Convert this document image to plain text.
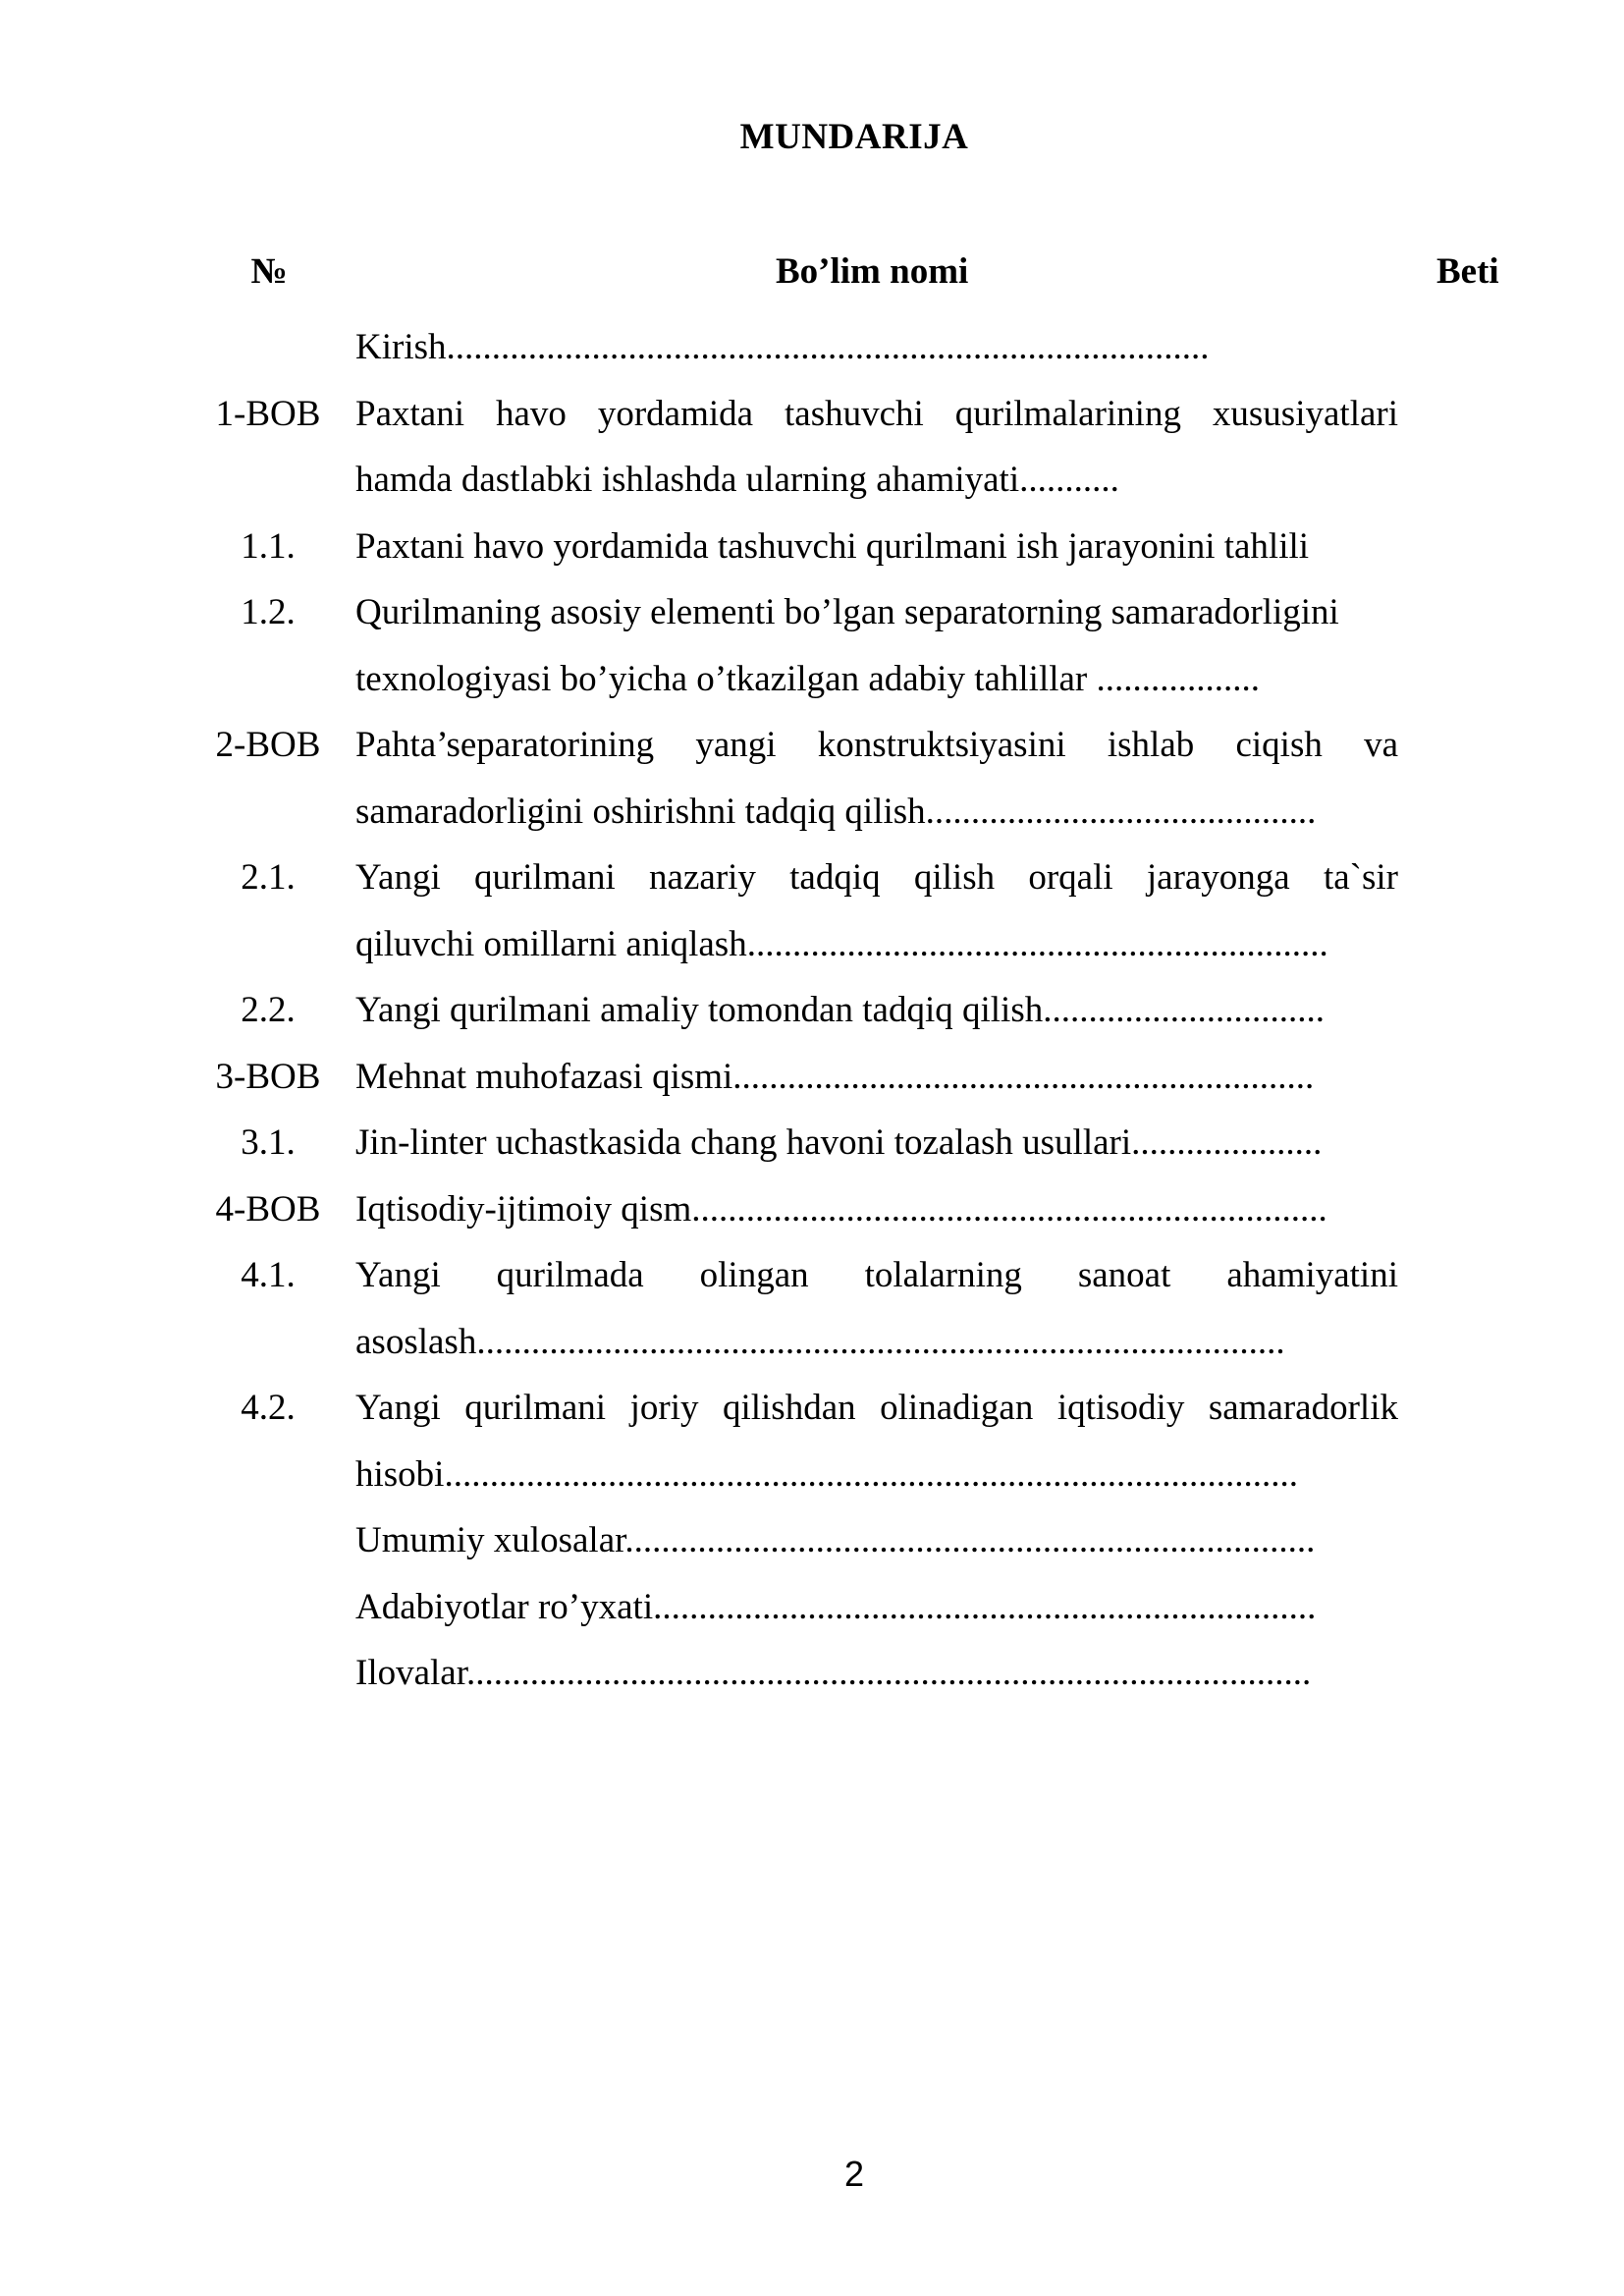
MUNDARIJA
№	Bo’lim nomi	Beti

Kirish....................................................................................

1-BOB Paxtani havo yordamida tashuvchi qurilmalarining xususiyatlari

hamda dastlabki ishlashda ularning ahamiyati...........

1.1.	Paxtani havo yordamida tashuvchi qurilmani ish jarayonini tahlili

1.2.	Qurilmaning asosiy elementi bo’lgan separatorning samaradorligini

texnologiyasi bo’yicha o’tkazilgan adabiy tahlillar ..................

2-BOB Pahta’separatorining yangi konstruktsiyasini ishlab ciqish va

samaradorligini oshirishni tadqiq qilish...........................................

2.1.	Yangi qurilmani nazariy tadqiq qilish orqali jarayonga ta`sir

qiluvchi omillarni aniqlash................................................................

2.2.	Yangi qurilmani amaliy tomondan tadqiq qilish...............................

3-BOB Mehnat muhofazasi qismi................................................................

3.1.	Jin-linter uchastkasida chang havoni tozalash usullari.....................

4-BOB Iqtisodiy-ijtimoiy qism......................................................................

4.1.	Yangi qurilmada olingan tolalarning sanoat ahamiyatini

asoslash.........................................................................................

4.2.	Yangi qurilmani joriy qilishdan olinadigan iqtisodiy samaradorlik

hisobi..............................................................................................

Umumiy xulosalar............................................................................

Adabiyotlar ro’yxati.........................................................................

Ilovalar.............................................................................................

2
